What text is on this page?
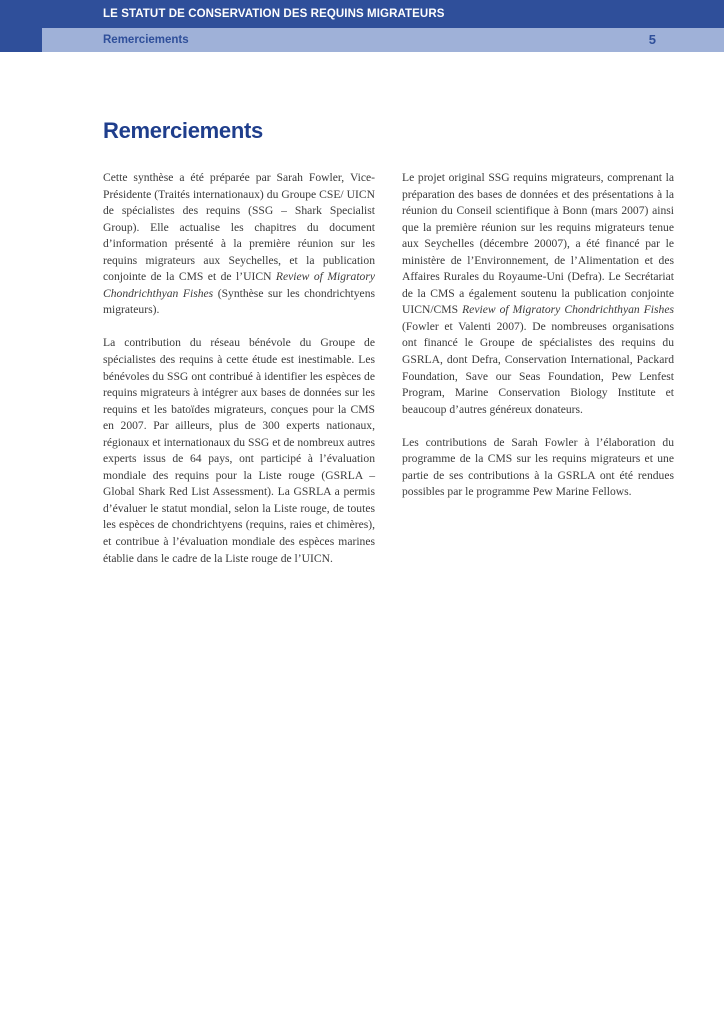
LE STATUT DE CONSERVATION DES REQUINS MIGRATEURS
Remerciements	5
Remerciements

Cette synthèse a été préparée par Sarah Fowler, Vice-Présidente (Traités internationaux) du Groupe CSE/ UICN de spécialistes des requins (SSG – Shark Specialist Group). Elle actualise les chapitres du document d’information présenté à la première réunion sur les requins migrateurs aux Seychelles, et la publication conjointe de la CMS et de l’UICN Review of Migratory Chondrichthyan Fishes (Synthèse sur les chondrichtyens migrateurs).

La contribution du réseau bénévole du Groupe de spécialistes des requins à cette étude est inestimable. Les bénévoles du SSG ont contribué à identifier les espèces de requins migrateurs à intégrer aux bases de données sur les requins et les batoïdes migrateurs, conçues pour la CMS en 2007. Par ailleurs, plus de 300 experts nationaux, régionaux et internationaux du SSG et de nombreux autres experts issus de 64 pays, ont participé à l’évaluation mondiale des requins pour la Liste rouge (GSRLA – Global Shark Red List Assessment). La GSRLA a permis d’évaluer le statut mondial, selon la Liste rouge, de toutes les espèces de chondrichtyens (requins, raies et chimères), et contribue à l’évaluation mondiale des espèces marines établie dans le cadre de la Liste rouge de l’UICN.

Le projet original SSG requins migrateurs, comprenant la préparation des bases de données et des présentations à la réunion du Conseil scientifique à Bonn (mars 2007) ainsi que la première réunion sur les requins migrateurs tenue aux Seychelles (décembre 20007), a été financé par le ministère de l’Environnement, de l’Alimentation et des Affaires Rurales du Royaume-Uni (Defra). Le Secrétariat de la CMS a également soutenu la publication conjointe UICN/CMS Review of Migratory Chondrichthyan Fishes (Fowler et Valenti 2007). De nombreuses organisations ont financé le Groupe de spécialistes des requins du GSRLA, dont Defra, Conservation International, Packard Foundation, Save our Seas Foundation, Pew Lenfest Program, Marine Conservation Biology Institute et beaucoup d’autres généreux donateurs.

Les contributions de Sarah Fowler à l’élaboration du programme de la CMS sur les requins migrateurs et une partie de ses contributions à la GSRLA ont été rendues possibles par le programme Pew Marine Fellows.
